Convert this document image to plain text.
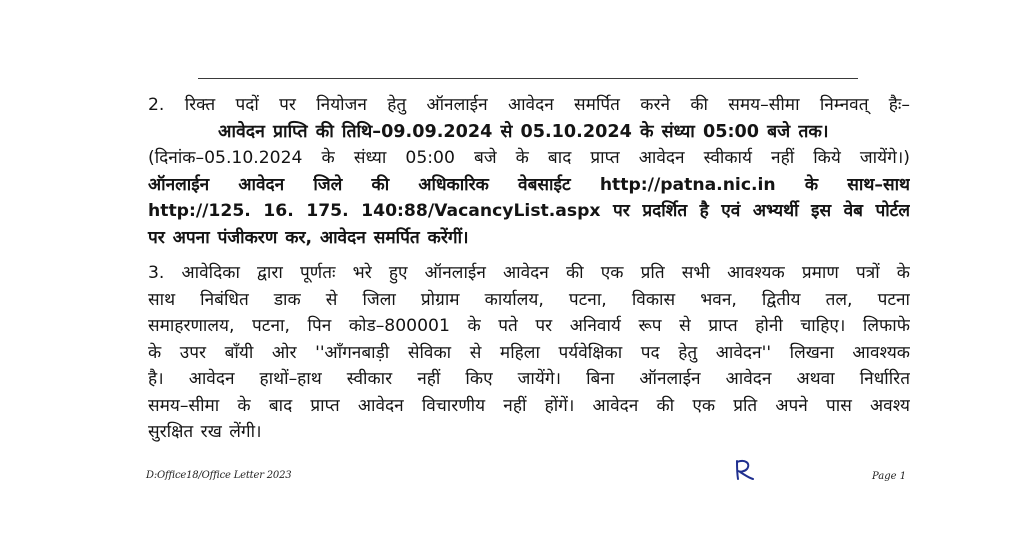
2. रिक्त पदों पर नियोजन हेतु ऑनलाईन आवेदन समर्पित करने की समय–सीमा निम्नवत् हैः–
आवेदन प्राप्ति की तिथि–09.09.2024 से 05.10.2024 के संध्या 05:00 बजे तक।
(दिनांक–05.10.2024 के संध्या 05:00 बजे के बाद प्राप्त आवेदन स्वीकार्य नहीं किये जायेंगे।)
ऑनलाईन आवेदन जिले की अधिकारिक वेबसाईट http://patna.nic.in के साथ–साथ
http://125. 16. 175. 140:88/VacancyList.aspx पर प्रदर्शित है एवं अभ्यर्थी इस वेब पोर्टल
पर अपना पंजीकरण कर, आवेदन समर्पित करेंगीं।
3. आवेदिका द्वारा पूर्णतः भरे हुए ऑनलाईन आवेदन की एक प्रति सभी आवश्यक प्रमाण पत्रों के
साथ निबंधित डाक से जिला प्रोग्राम कार्यालय, पटना, विकास भवन, द्वितीय तल, पटना
समाहरणालय, पटना, पिन कोड–800001 के पते पर अनिवार्य रूप से प्राप्त होनी चाहिए। लिफाफे
के उपर बाँयी ओर ''आँगनबाड़ी सेविका से महिला पर्यवेक्षिका पद हेतु आवेदन'' लिखना आवश्यक
है। आवेदन हाथों–हाथ स्वीकार नहीं किए जायेंगे। बिना ऑनलाईन आवेदन अथवा निर्धारित
समय–सीमा के बाद प्राप्त आवेदन विचारणीय नहीं होंगें। आवेदन की एक प्रति अपने पास अवश्य
सुरक्षित रख लेंगी।
D:Office18/Office Letter 2023	Page 1
